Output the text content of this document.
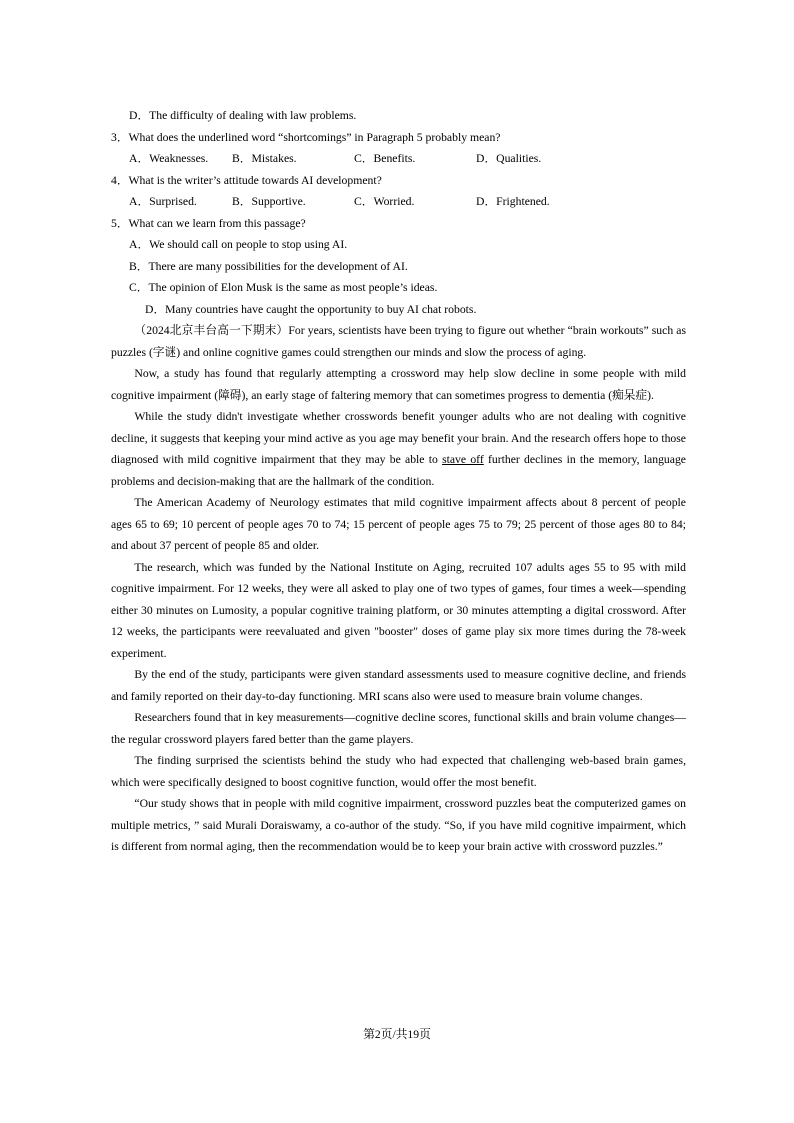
D．The difficulty of dealing with law problems.
3．What does the underlined word “shortcomings” in Paragraph 5 probably mean?
A．Weaknesses.	B．Mistakes.	C．Benefits.	D．Qualities.
4．What is the writer’s attitude towards AI development?
A．Surprised.	B．Supportive.	C．Worried.	D．Frightened.
5．What can we learn from this passage?
A．We should call on people to stop using AI.
B．There are many possibilities for the development of AI.
C．The opinion of Elon Musk is the same as most people’s ideas.
D．Many countries have caught the opportunity to buy AI chat robots.

（2024北京丰台高一下期末）For years, scientists have been trying to figure out whether “brain workouts” such as puzzles (字谜) and online cognitive games could strengthen our minds and slow the process of aging.

Now, a study has found that regularly attempting a crossword may help slow decline in some people with mild cognitive impairment (障碍), an early stage of faltering memory that can sometimes progress to dementia (痴呆症).

While the study didn't investigate whether crosswords benefit younger adults who are not dealing with cognitive decline, it suggests that keeping your mind active as you age may benefit your brain. And the research offers hope to those diagnosed with mild cognitive impairment that they may be able to stave off further declines in the memory, language problems and decision-making that are the hallmark of the condition.

The American Academy of Neurology estimates that mild cognitive impairment affects about 8 percent of people ages 65 to 69; 10 percent of people ages 70 to 74; 15 percent of people ages 75 to 79; 25 percent of those ages 80 to 84; and about 37 percent of people 85 and older.

The research, which was funded by the National Institute on Aging, recruited 107 adults ages 55 to 95 with mild cognitive impairment. For 12 weeks, they were all asked to play one of two types of games, four times a week—spending either 30 minutes on Lumosity, a popular cognitive training platform, or 30 minutes attempting a digital crossword. After 12 weeks, the participants were reevaluated and given "booster" doses of game play six more times during the 78-week experiment.

By the end of the study, participants were given standard assessments used to measure cognitive decline, and friends and family reported on their day-to-day functioning. MRI scans also were used to measure brain volume changes.

Researchers found that in key measurements—cognitive decline scores, functional skills and brain volume changes—the regular crossword players fared better than the game players.

The finding surprised the scientists behind the study who had expected that challenging web-based brain games, which were specifically designed to boost cognitive function, would offer the most benefit.

“Our study shows that in people with mild cognitive impairment, crossword puzzles beat the computerized games on multiple metrics, ” said Murali Doraiswamy, a co-author of the study. “So, if you have mild cognitive impairment, which is different from normal aging, then the recommendation would be to keep your brain active with crossword puzzles.”

第2页/共19页
